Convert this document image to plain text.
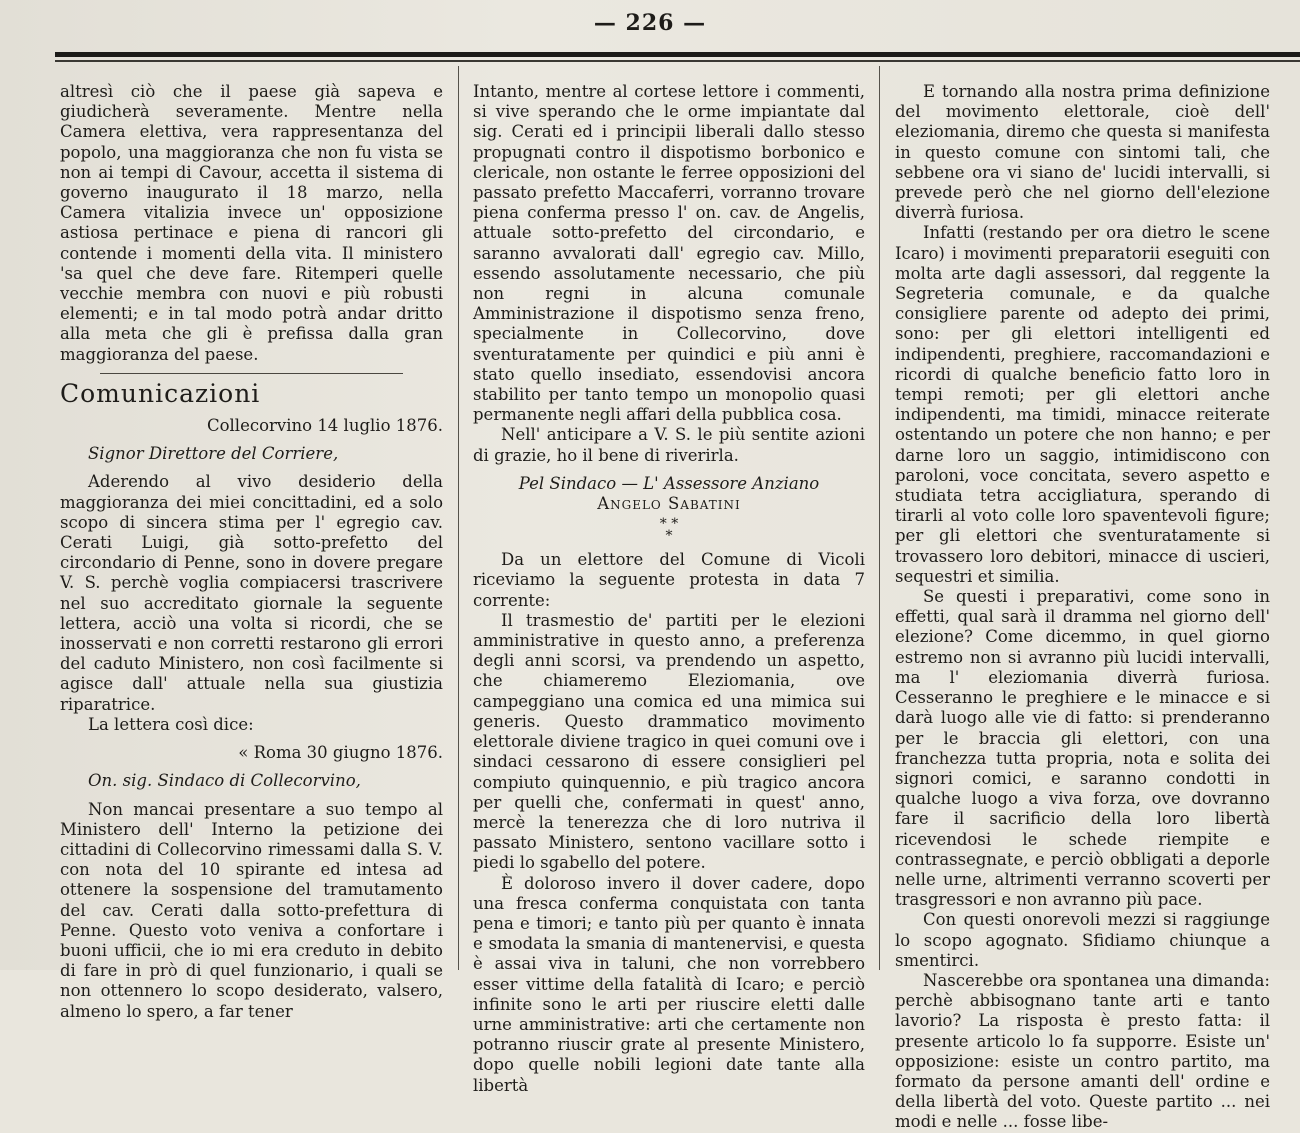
— 226 —

altresì ciò che il paese già sapeva e giudicherà severamente. Mentre nella Camera elettiva, vera rappresentanza del popolo, una maggioranza che non fu vista se non ai tempi di Cavour, accetta il sistema di governo inaugurato il 18 marzo, nella Camera vitalizia invece un' opposizione astiosa pertinace e piena di rancori gli contende i momenti della vita. Il ministero 'sa quel che deve fare. Ritemperi quelle vecchie membra con nuovi e più robusti elementi; e in tal modo potrà andar dritto alla meta che gli è prefissa dalla gran maggioranza del paese.

Comunicazioni

Collecorvino 14 luglio 1876.

Signor Direttore del Corriere,

Aderendo al vivo desiderio della maggioranza dei miei concittadini, ed a solo scopo di sincera stima per l' egregio cav. Cerati Luigi, già sotto-prefetto del circondario di Penne, sono in dovere pregare V. S. perchè voglia compiacersi trascrivere nel suo accreditato giornale la seguente lettera, acciò una volta si ricordi, che se inosservati e non corretti restarono gli errori del caduto Ministero, non così facilmente si agisce dall' attuale nella sua giustizia riparatrice.

La lettera così dice:

« Roma 30 giugno 1876.

On. sig. Sindaco di Collecorvino,

Non mancai presentare a suo tempo al Ministero dell' Interno la petizione dei cittadini di Collecorvino rimessami dalla S. V. con nota del 10 spirante ed intesa ad ottenere la sospensione del tramutamento del cav. Cerati dalla sotto-prefettura di Penne. Questo voto veniva a confortare i buoni ufficii, che io mi era creduto in debito di fare in prò di quel funzionario, i quali se non ottennero lo scopo desiderato, valsero, almeno lo spero, a far tener

Intanto, mentre al cortese lettore i commenti, si vive sperando che le orme impiantate dal sig. Cerati ed i principii liberali dallo stesso propugnati contro il dispotismo borbonico e clericale, non ostante le ferree opposizioni del passato prefetto Maccaferri, vorranno trovare piena conferma presso l' on. cav. de Angelis, attuale sotto-prefetto del circondario, e saranno avvalorati dall' egregio cav. Millo, essendo assolutamente necessario, che più non regni in alcuna comunale Amministrazione il dispotismo senza freno, specialmente in Collecorvino, dove sventuratamente per quindici e più anni è stato quello insediato, essendovisi ancora stabilito per tanto tempo un monopolio quasi permanente negli affari della pubblica cosa.

Nell' anticipare a V. S. le più sentite azioni di grazie, ho il bene di riverirla.

Pel Sindaco — L' Assessore Anziano

Angelo Sabatini

* *
*

Da un elettore del Comune di Vicoli riceviamo la seguente protesta in data 7 corrente:

Il trasmestio de' partiti per le elezioni amministrative in questo anno, a preferenza degli anni scorsi, va prendendo un aspetto, che chiameremo Eleziomania, ove campeggiano una comica ed una mimica sui generis. Questo drammatico movimento elettorale diviene tragico in quei comuni ove i sindaci cessarono di essere consiglieri pel compiuto quinquennio, e più tragico ancora per quelli che, confermati in quest' anno, mercè la tenerezza che di loro nutriva il passato Ministero, sentono vacillare sotto i piedi lo sgabello del potere.

È doloroso invero il dover cadere, dopo una fresca conferma conquistata con tanta pena e timori; e tanto più per quanto è innata e smodata la smania di mantenervisi, e questa è assai viva in taluni, che non vorrebbero esser vittime della fatalità di Icaro; e perciò infinite sono le arti per riuscire eletti dalle urne amministrative: arti che certamente non potranno riuscir grate al presente Ministero, dopo quelle nobili legioni date tante alla libertà

E tornando alla nostra prima definizione del movimento elettorale, cioè dell' eleziomania, diremo che questa si manifesta in questo comune con sintomi tali, che sebbene ora vi siano de' lucidi intervalli, si prevede però che nel giorno dell'elezione diverrà furiosa.

Infatti (restando per ora dietro le scene Icaro) i movimenti preparatorii eseguiti con molta arte dagli assessori, dal reggente la Segreteria comunale, e da qualche consigliere parente od adepto dei primi, sono: per gli elettori intelligenti ed indipendenti, preghiere, raccomandazioni e ricordi di qualche beneficio fatto loro in tempi remoti; per gli elettori anche indipendenti, ma timidi, minacce reiterate ostentando un potere che non hanno; e per darne loro un saggio, intimidiscono con paroloni, voce concitata, severo aspetto e studiata tetra accigliatura, sperando di tirarli al voto colle loro spaventevoli figure; per gli elettori che sventuratamente si trovassero loro debitori, minacce di uscieri, sequestri et similia.

Se questi i preparativi, come sono in effetti, qual sarà il dramma nel giorno dell' elezione? Come dicemmo, in quel giorno estremo non si avranno più lucidi intervalli, ma l' eleziomania diverrà furiosa. Cesseranno le preghiere e le minacce e si darà luogo alle vie di fatto: si prenderanno per le braccia gli elettori, con una franchezza tutta propria, nota e solita dei signori comici, e saranno condotti in qualche luogo a viva forza, ove dovranno fare il sacrificio della loro libertà ricevendosi le schede riempite e contrassegnate, e perciò obbligati a deporle nelle urne, altrimenti verranno scoverti per trasgressori e non avranno più pace.

Con questi onorevoli mezzi si raggiunge lo scopo agognato. Sfidiamo chiunque a smentirci.

Nascerebbe ora spontanea una dimanda: perchè abbisognano tante arti e tanto lavorio? La risposta è presto fatta: il presente articolo lo fa supporre. Esiste un' opposizione: esiste un contro partito, ma formato da persone amanti dell' ordine e della libertà del voto. Queste partito ... nei modi e nelle ... fosse libe-
